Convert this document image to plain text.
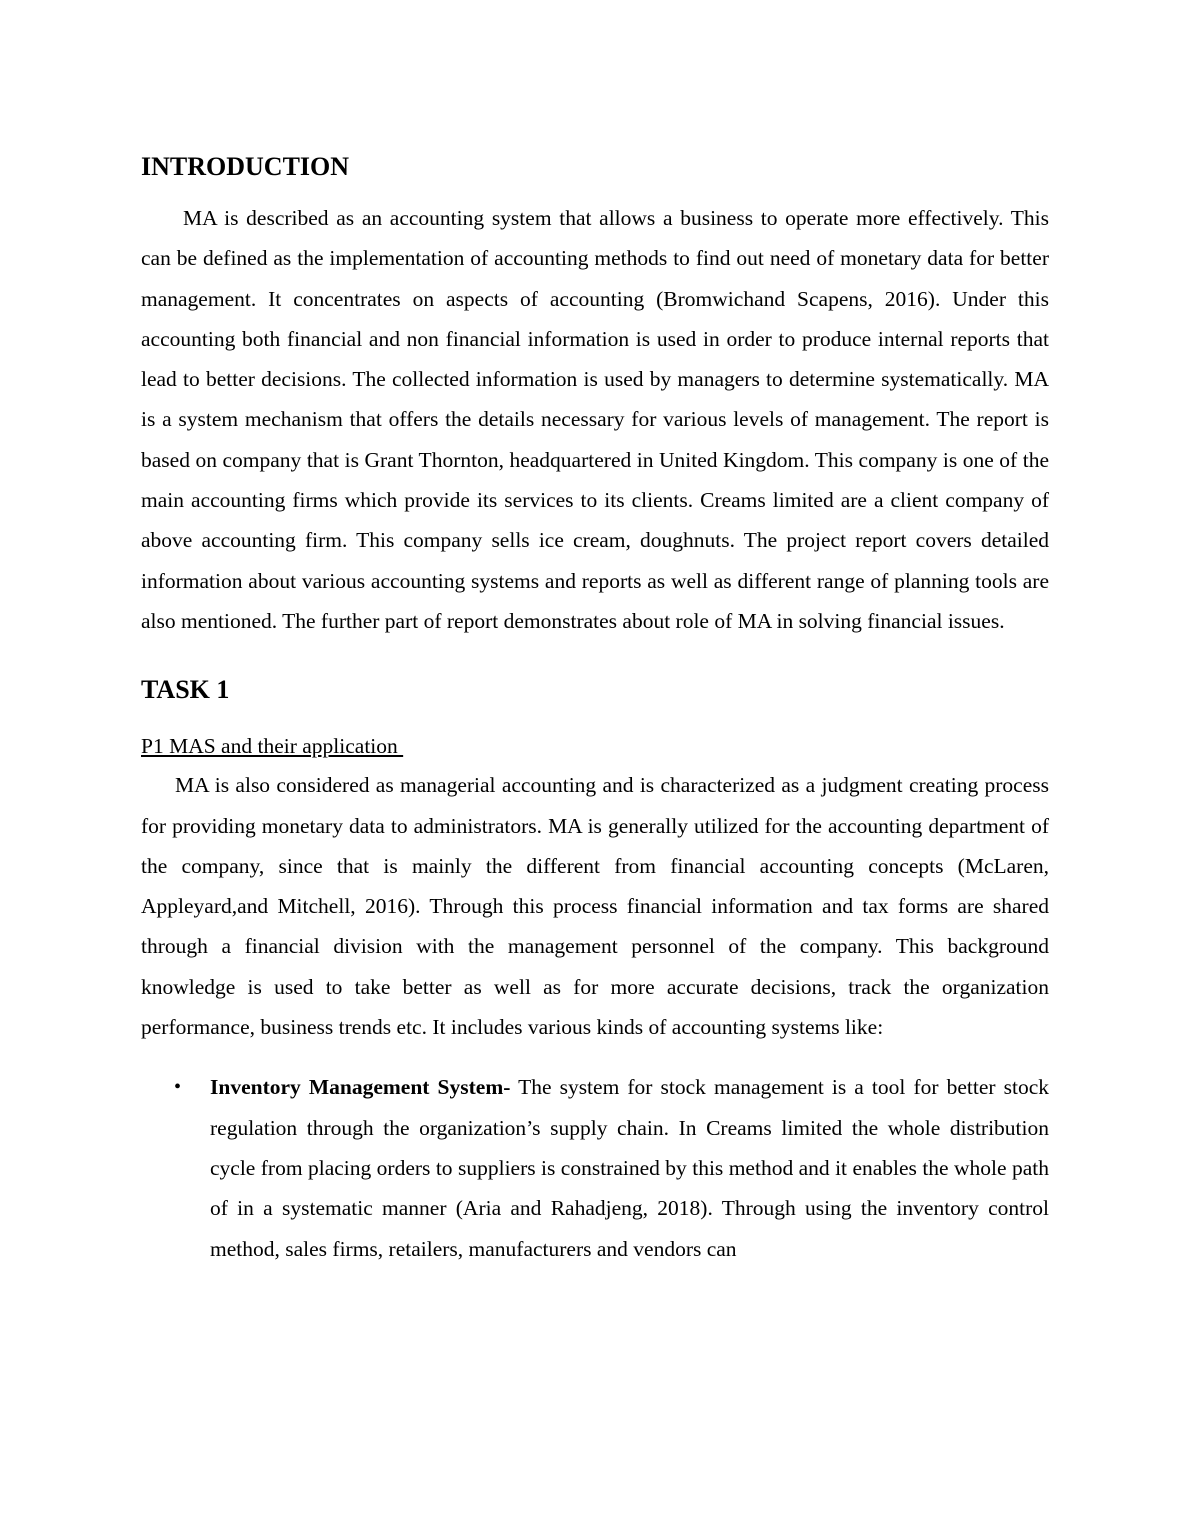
INTRODUCTION

MA is described as an accounting system that allows a business to operate more effectively. This can be defined as the implementation of accounting methods to find out need of monetary data for better management. It concentrates on aspects of accounting (Bromwichand Scapens, 2016). Under this accounting both financial and non financial information is used in order to produce internal reports that lead to better decisions. The collected information is used by managers to determine systematically. MA is a system mechanism that offers the details necessary for various levels of management. The report is based on company that is Grant Thornton, headquartered in United Kingdom. This company is one of the main accounting firms which provide its services to its clients. Creams limited are a client company of above accounting firm. This company sells ice cream, doughnuts. The project report covers detailed information about various accounting systems and reports as well as different range of planning tools are also mentioned. The further part of report demonstrates about role of MA in solving financial issues.

TASK 1
P1 MAS and their application

MA is also considered as managerial accounting and is characterized as a judgment creating process for providing monetary data to administrators. MA is generally utilized for the accounting department of the company, since that is mainly the different from financial accounting concepts (McLaren, Appleyard,and Mitchell, 2016). Through this process financial information and tax forms are shared through a financial division with the management personnel of the company. This background knowledge is used to take better as well as for more accurate decisions, track the organization performance, business trends etc. It includes various kinds of accounting systems like:

• Inventory Management System- The system for stock management is a tool for better stock regulation through the organization’s supply chain. In Creams limited the whole distribution cycle from placing orders to suppliers is constrained by this method and it enables the whole path of in a systematic manner (Aria and Rahadjeng, 2018). Through using the inventory control method, sales firms, retailers, manufacturers and vendors can
